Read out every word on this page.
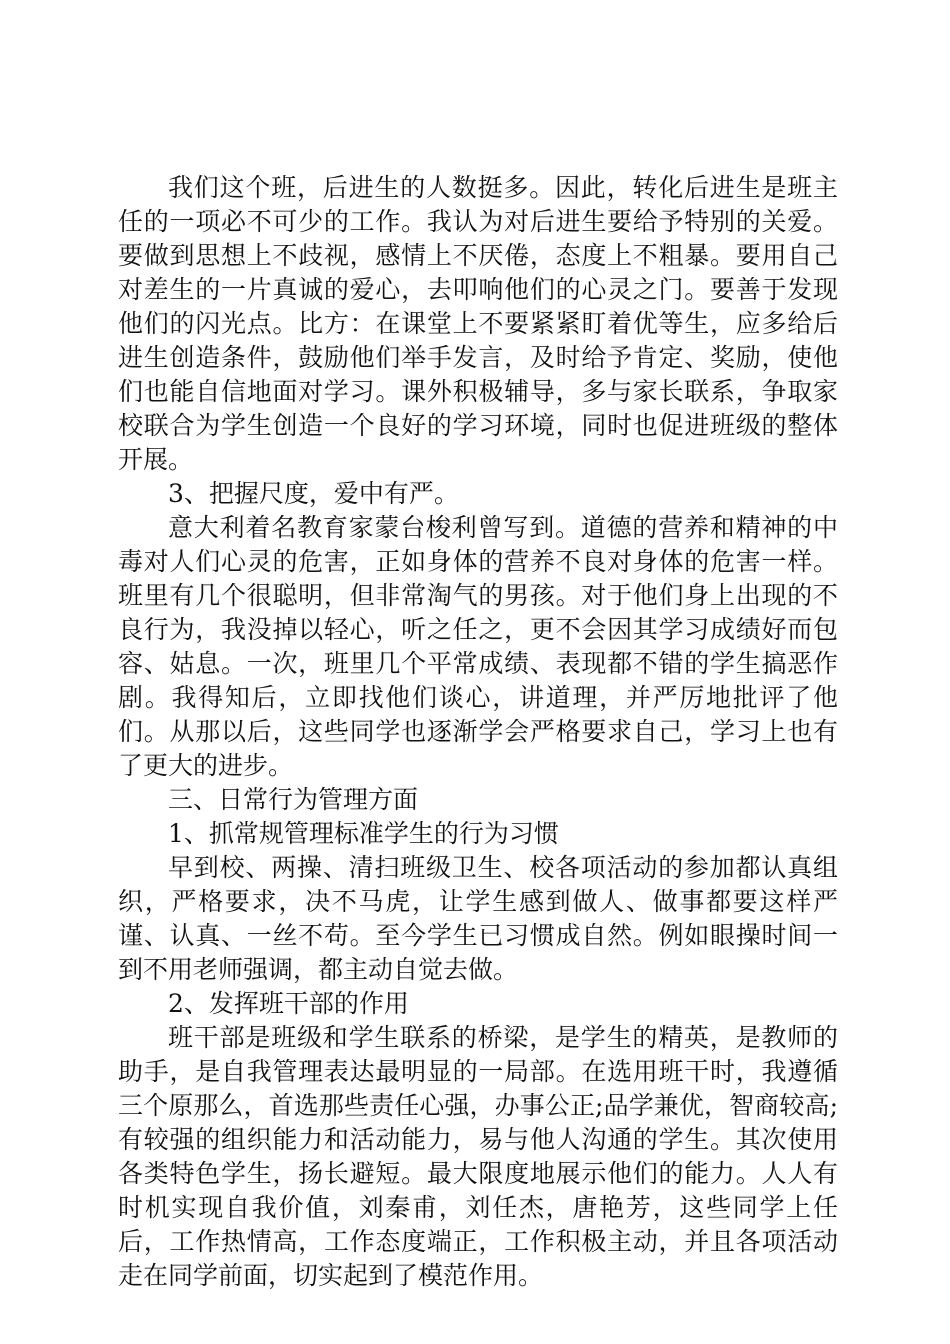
我们这个班，后进生的人数挺多。因此，转化后进生是班主任的一项必不可少的工作。我认为对后进生要给予特别的关爱。要做到思想上不歧视，感情上不厌倦，态度上不粗暴。要用自己对差生的一片真诚的爱心，去叩响他们的心灵之门。要善于发现他们的闪光点。比方：在课堂上不要紧紧盯着优等生，应多给后进生创造条件，鼓励他们举手发言，及时给予肯定、奖励，使他们也能自信地面对学习。课外积极辅导，多与家长联系，争取家校联合为学生创造一个良好的学习环境，同时也促进班级的整体开展。

3、把握尺度，爱中有严。

意大利着名教育家蒙台梭利曾写到。道德的营养和精神的中毒对人们心灵的危害，正如身体的营养不良对身体的危害一样。班里有几个很聪明，但非常淘气的男孩。对于他们身上出现的不良行为，我没掉以轻心，听之任之，更不会因其学习成绩好而包容、姑息。一次，班里几个平常成绩、表现都不错的学生搞恶作剧。我得知后，立即找他们谈心，讲道理，并严厉地批评了他们。从那以后，这些同学也逐渐学会严格要求自己，学习上也有了更大的进步。

三、日常行为管理方面

1、抓常规管理标准学生的行为习惯

早到校、两操、清扫班级卫生、校各项活动的参加都认真组织，严格要求，决不马虎，让学生感到做人、做事都要这样严谨、认真、一丝不苟。至今学生已习惯成自然。例如眼操时间一到不用老师强调，都主动自觉去做。

2、发挥班干部的作用

班干部是班级和学生联系的桥梁，是学生的精英，是教师的助手，是自我管理表达最明显的一局部。在选用班干时，我遵循三个原那么，首选那些责任心强，办事公正;品学兼优，智商较高;有较强的组织能力和活动能力，易与他人沟通的学生。其次使用各类特色学生，扬长避短。最大限度地展示他们的能力。人人有时机实现自我价值，刘秦甫，刘任杰，唐艳芳，这些同学上任后，工作热情高，工作态度端正，工作积极主动，并且各项活动走在同学前面，切实起到了模范作用。
